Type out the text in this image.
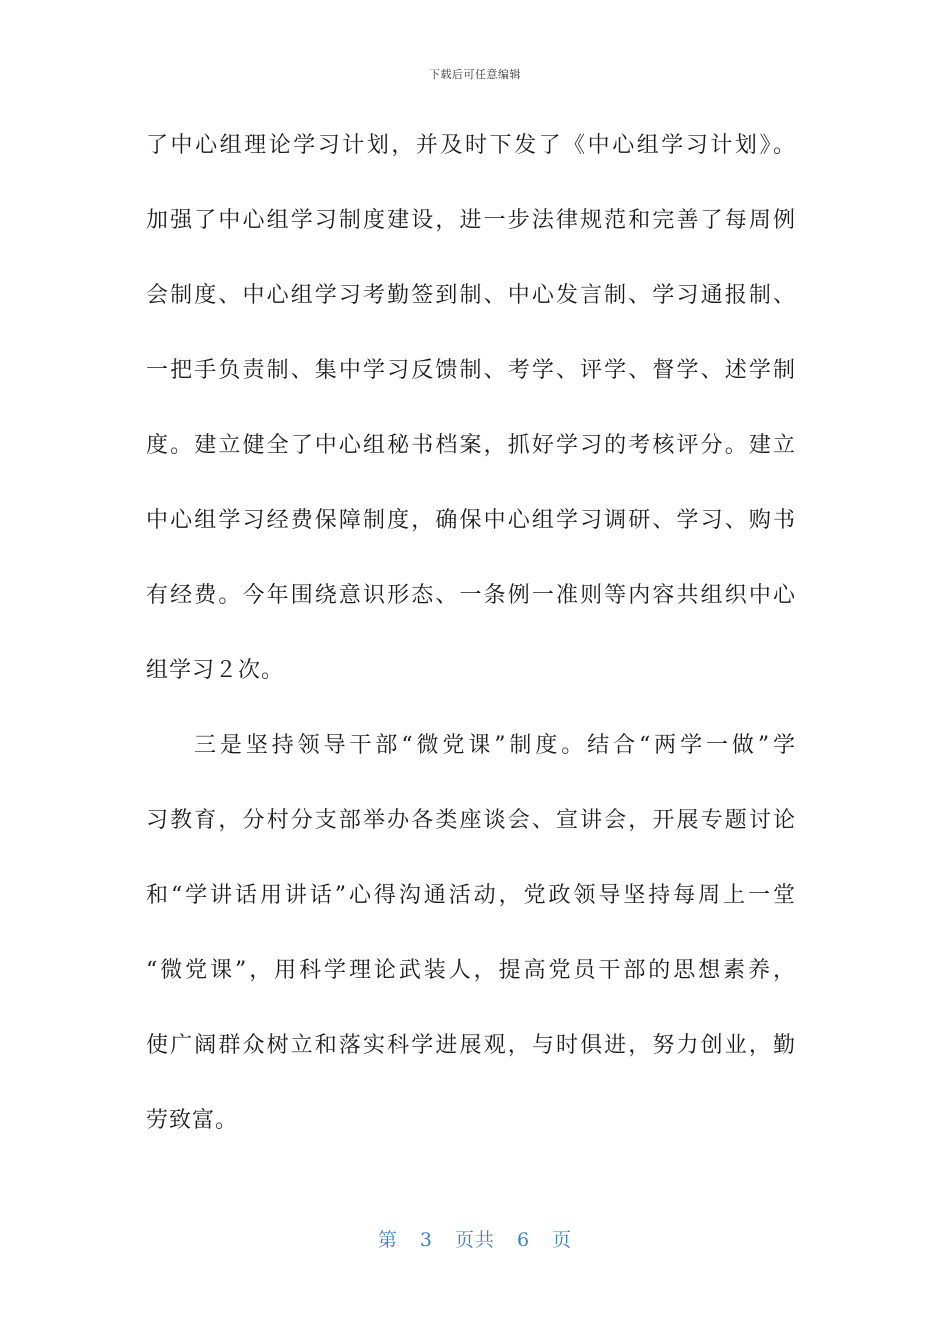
下载后可任意编辑
了中心组理论学习计划，并及时下发了《中心组学习计划》。
加强了中心组学习制度建设，进一步法律规范和完善了每周例
会制度、中心组学习考勤签到制、中心发言制、学习通报制、
一把手负责制、集中学习反馈制、考学、评学、督学、述学制
度。建立健全了中心组秘书档案，抓好学习的考核评分。建立
中心组学习经费保障制度，确保中心组学习调研、学习、购书
有经费。今年围绕意识形态、一条例一准则等内容共组织中心
组学习２次。
三是坚持领导干部“微党课”制度。结合“两学一做”学
习教育，分村分支部举办各类座谈会、宣讲会，开展专题讨论
和“学讲话用讲话”心得沟通活动，党政领导坚持每周上一堂
“微党课”，用科学理论武装人，提高党员干部的思想素养，
使广阔群众树立和落实科学进展观，与时俱进，努力创业，勤
劳致富。
第 3 页共 6 页
